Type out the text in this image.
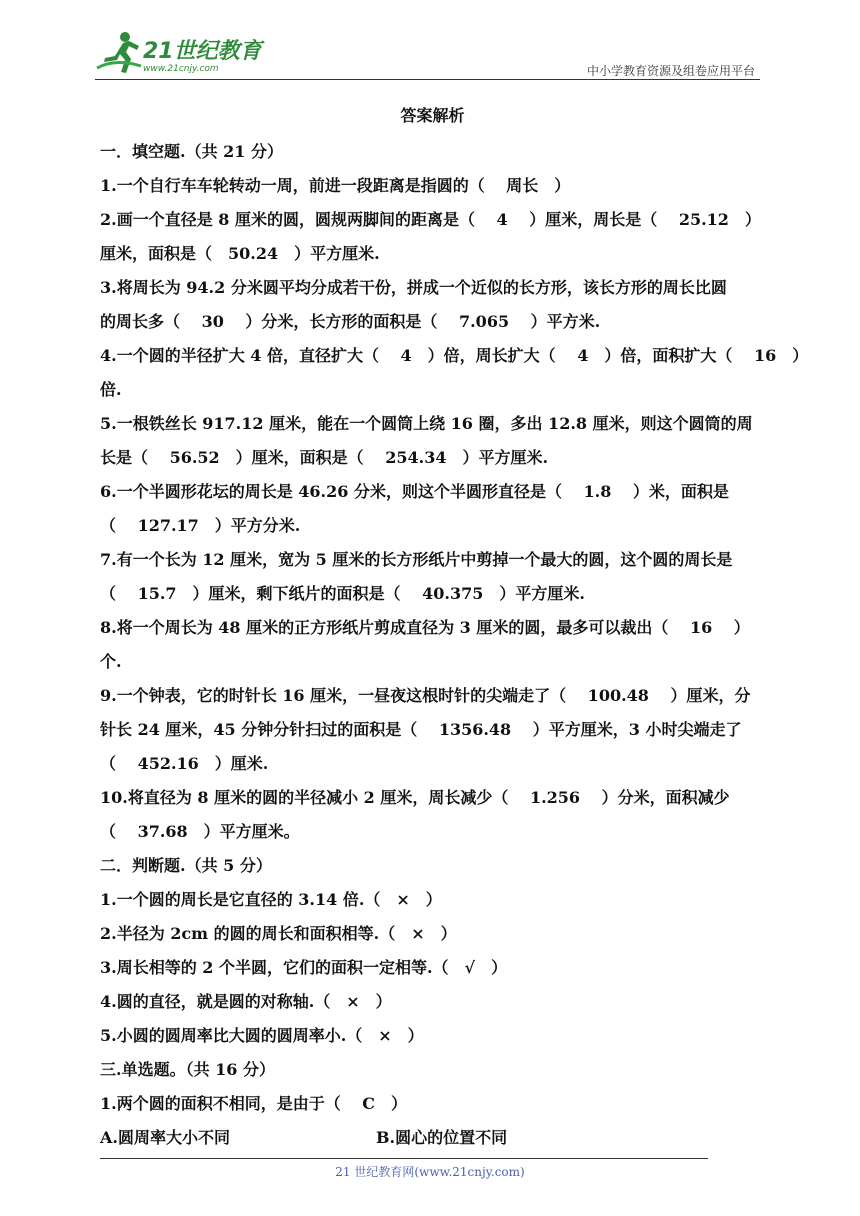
21世纪教育
www.21cnjy.com	中小学教育资源及组卷应用平台
答案解析
一．填空题.（共 21 分）
1.一个自行车车轮转动一周，前进一段距离是指圆的（　 周长　）
2.画一个直径是 8 厘米的圆，圆规两脚间的距离是（　 4　 ）厘米，周长是（　 25.12　）
厘米，面积是（　50.24　）平方厘米.
3.将周长为 94.2 分米圆平均分成若干份，拼成一个近似的长方形，该长方形的周长比圆
的周长多（　 30　 ）分米，长方形的面积是（　 7.065　 ）平方米.
4.一个圆的半径扩大 4 倍，直径扩大（　 4　）倍，周长扩大（　 4　）倍，面积扩大（　 16　）
倍.
5.一根铁丝长 917.12 厘米，能在一个圆筒上绕 16 圈，多出 12.8 厘米，则这个圆筒的周
长是（　 56.52　）厘米，面积是（　 254.34　）平方厘米.
6.一个半圆形花坛的周长是 46.26 分米，则这个半圆形直径是（　 1.8　 ）米，面积是
（　 127.17　）平方分米.
7.有一个长为 12 厘米，宽为 5 厘米的长方形纸片中剪掉一个最大的圆，这个圆的周长是
（　 15.7　）厘米，剩下纸片的面积是（　 40.375　）平方厘米.
8.将一个周长为 48 厘米的正方形纸片剪成直径为 3 厘米的圆，最多可以裁出（　 16　 ）
个.
9.一个钟表，它的时针长 16 厘米，一昼夜这根时针的尖端走了（　 100.48　 ）厘米，分
针长 24 厘米，45 分钟分针扫过的面积是（　 1356.48　 ）平方厘米，3 小时尖端走了
（　 452.16　）厘米.
10.将直径为 8 厘米的圆的半径减小 2 厘米，周长减少（　 1.256　 ）分米，面积减少
（　 37.68　）平方厘米。
二．判断题.（共 5 分）
1.一个圆的周长是它直径的 3.14 倍.（　×　）
2.半径为 2cm 的圆的周长和面积相等.（　×　）
3.周长相等的 2 个半圆，它们的面积一定相等.（　√　）
4.圆的直径，就是圆的对称轴.（　×　）
5.小圆的圆周率比大圆的圆周率小.（　×　）
三.单选题。（共 16 分）
1.两个圆的面积不相同，是由于（　 C　）
A.圆周率大小不同	B.圆心的位置不同
21 世纪教育网(www.21cnjy.com)
